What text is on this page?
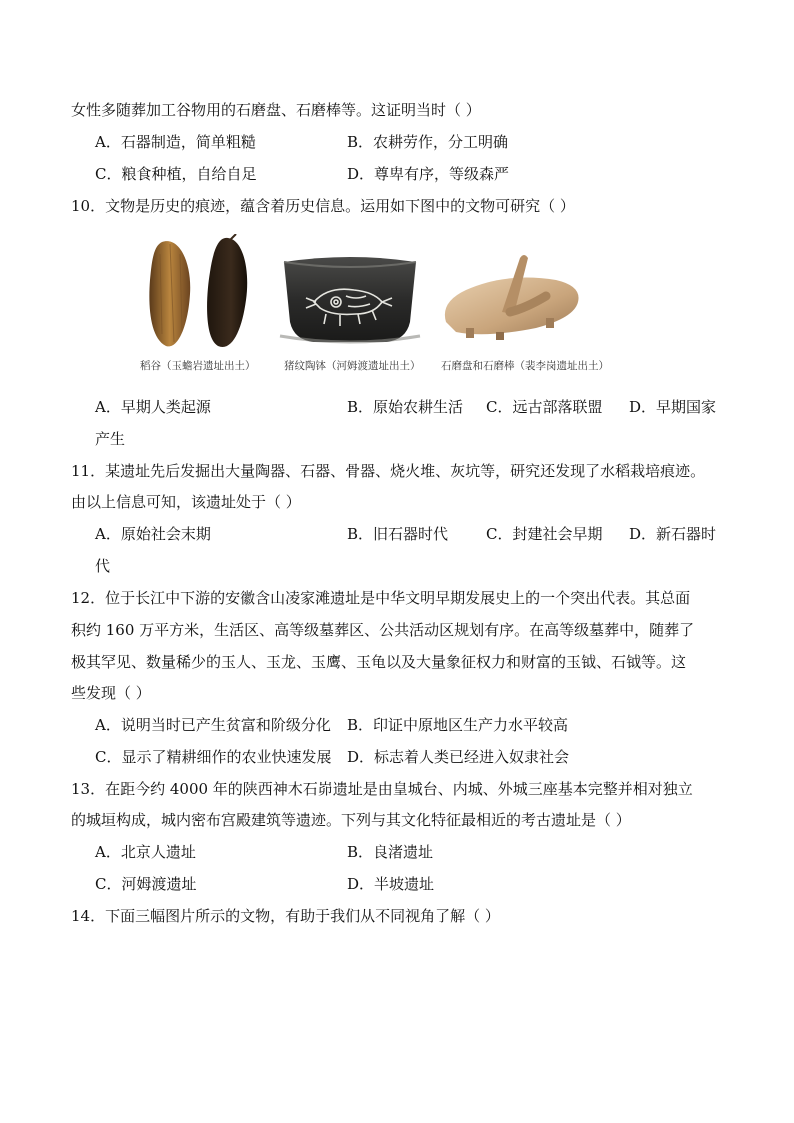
女性多随葬加工谷物用的石磨盘、石磨棒等。这证明当时（ ）
A．石器制造，简单粗糙	B．农耕劳作，分工明确
C．粮食种植，自给自足	D．尊卑有序，等级森严
10．文物是历史的痕迹，蕴含着历史信息。运用如下图中的文物可研究（ ）
稻谷（玉蟾岩遗址出土）	猪纹陶钵（河姆渡遗址出土） 石磨盘和石磨棒（裴李岗遗址出土）
A．早期人类起源	B．原始农耕生活 C．远古部落联盟 D．早期国家
产生
11．某遗址先后发掘出大量陶器、石器、骨器、烧火堆、灰坑等，研究还发现了水稻栽培痕迹。
由以上信息可知，该遗址处于（ ）
A．原始社会末期	B．旧石器时代	C．封建社会早期 D．新石器时
代
12．位于长江中下游的安徽含山凌家滩遗址是中华文明早期发展史上的一个突出代表。其总面
积约 160 万平方米，生活区、高等级墓葬区、公共活动区规划有序。在高等级墓葬中，随葬了
极其罕见、数量稀少的玉人、玉龙、玉鹰、玉龟以及大量象征权力和财富的玉钺、石钺等。这
些发现（ ）
A．说明当时已产生贫富和阶级分化 B．印证中原地区生产力水平较高
C．显示了精耕细作的农业快速发展 D．标志着人类已经进入奴隶社会
13．在距今约 4000 年的陕西神木石峁遗址是由皇城台、内城、外城三座基本完整并相对独立
的城垣构成，城内密布宫殿建筑等遗迹。下列与其文化特征最相近的考古遗址是（ ）
A．北京人遗址	B．良渚遗址
C．河姆渡遗址	D．半坡遗址
14．下面三幅图片所示的文物，有助于我们从不同视角了解（ ）
